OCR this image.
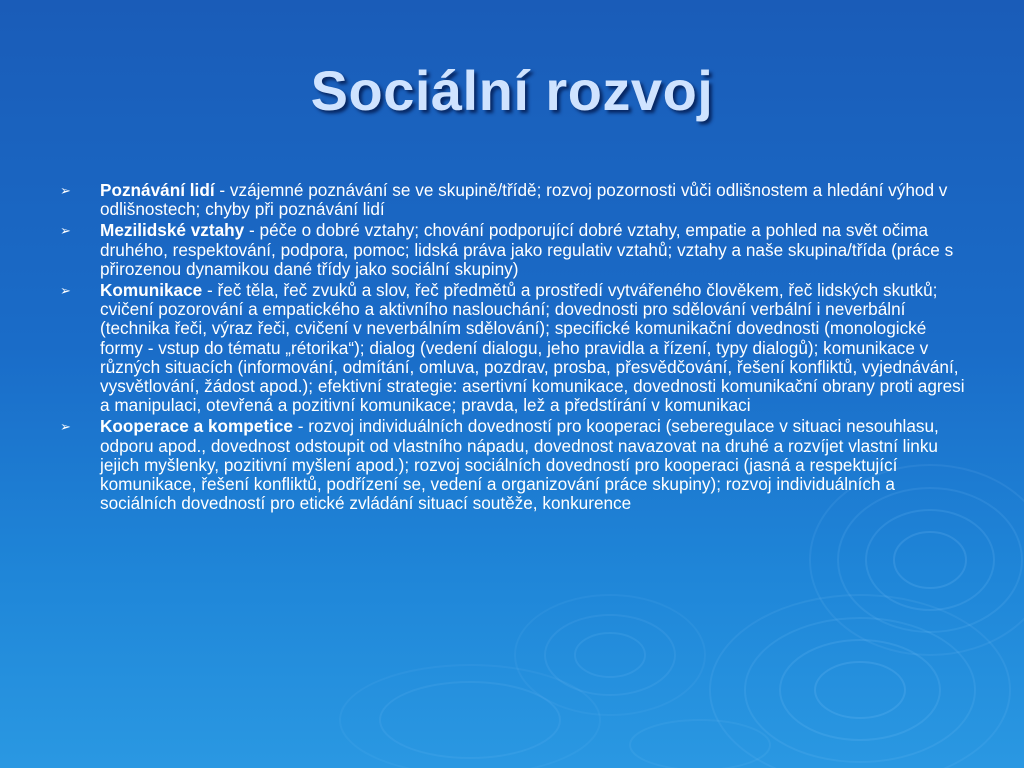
Sociální rozvoj
➢ Poznávání lidí - vzájemné poznávání se ve skupině/třídě; rozvoj pozornosti vůči odlišnostem a hledání výhod v odlišnostech; chyby při poznávání lidí
➢ Mezilidské vztahy - péče o dobré vztahy; chování podporující dobré vztahy, empatie a pohled na svět očima druhého, respektování, podpora, pomoc; lidská práva jako regulativ vztahů; vztahy a naše skupina/třída (práce s přirozenou dynamikou dané třídy jako sociální skupiny)
➢ Komunikace - řeč těla, řeč zvuků a slov, řeč předmětů a prostředí vytvářeného člověkem, řeč lidských skutků; cvičení pozorování a empatického a aktivního naslouchání; dovednosti pro sdělování verbální i neverbální (technika řeči, výraz řeči, cvičení v neverbálním sdělování); specifické komunikační dovednosti (monologické formy - vstup do tématu „rétorika“); dialog (vedení dialogu, jeho pravidla a řízení, typy dialogů); komunikace v různých situacích (informování, odmítání, omluva, pozdrav, prosba, přesvědčování, řešení konfliktů, vyjednávání, vysvětlování, žádost apod.); efektivní strategie: asertivní komunikace, dovednosti komunikační obrany proti agresi a manipulaci, otevřená a pozitivní komunikace; pravda, lež a předstírání v komunikaci
➢ Kooperace a kompetice - rozvoj individuálních dovedností pro kooperaci (seberegulace v situaci nesouhlasu, odporu apod., dovednost odstoupit od vlastního nápadu, dovednost navazovat na druhé a rozvíjet vlastní linku jejich myšlenky, pozitivní myšlení apod.); rozvoj sociálních dovedností pro kooperaci (jasná a respektující komunikace, řešení konfliktů, podřízení se, vedení a organizování práce skupiny); rozvoj individuálních a sociálních dovedností pro etické zvládání situací soutěže, konkurence
